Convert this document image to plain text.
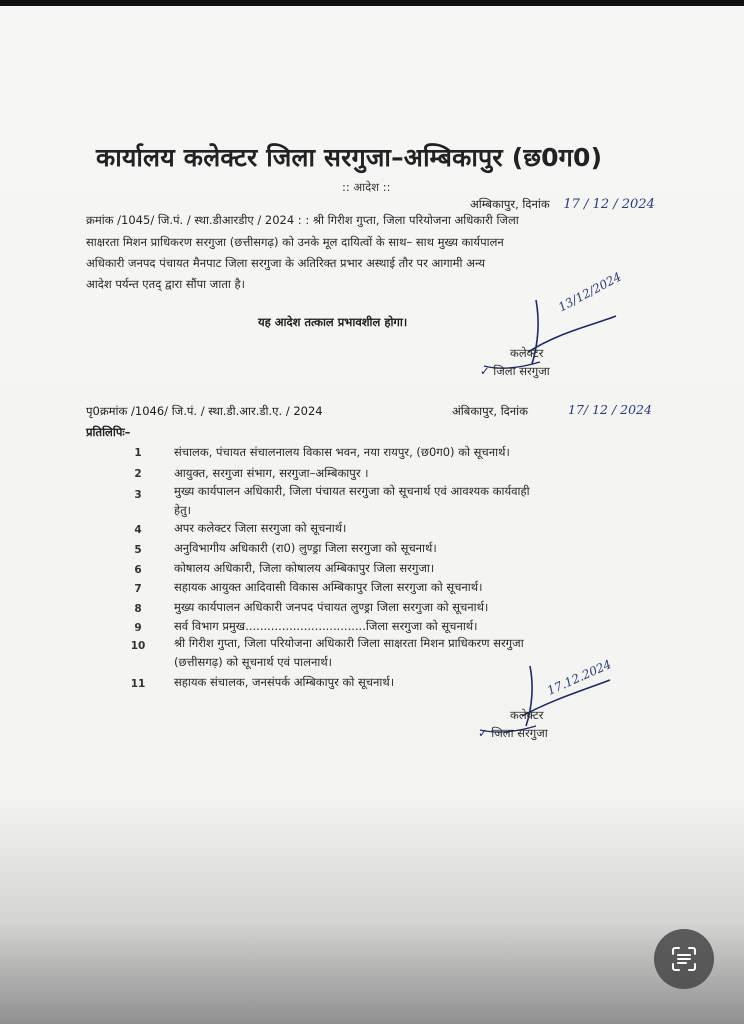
कार्यालय कलेक्टर जिला सरगुजा–अम्बिकापुर (छ0ग0)
:: आदेश ::
अम्बिकापुर, दिनांक 17 / 12 / 2024
क्रमांक /1045/ जि.पं. / स्था.डीआरडीए / 2024 : : श्री गिरीश गुप्ता, जिला परियोजना अधिकारी जिला
साक्षरता मिशन प्राधिकरण सरगुजा (छत्तीसगढ़) को उनके मूल दायित्वों के साथ– साथ मुख्य कार्यपालन
अधिकारी जनपद पंचायत मैनपाट जिला सरगुजा के अतिरिक्त प्रभार अस्थाई तौर पर आगामी अन्य
आदेश पर्यन्त एतद् द्वारा सौंपा जाता है।
यह आदेश तत्काल प्रभावशील होगा।
13/12/2024
कलेक्टर
✓ जिला सरगुजा
पृ0क्रमांक /1046/ जि.पं. / स्था.डी.आर.डी.ए. / 2024	अंबिकापुर, दिनांक	17/ 12 / 2024
प्रतिलिपिः–
1	संचालक, पंचायत संचालनालय विकास भवन, नया रायपुर, (छ0ग0) को सूचनार्थ।
2	आयुक्त, सरगुजा संभाग, सरगुजा–अम्बिकापुर ।
3	मुख्य कार्यपालन अधिकारी, जिला पंचायत सरगुजा को सूचनार्थ एवं आवश्यक कार्यवाही
हेतु।
4	अपर कलेक्टर जिला सरगुजा को सूचनार्थ।
5	अनुविभागीय अधिकारी (रा0) लुण्ड्रा जिला सरगुजा को सूचनार्थ।
6	कोषालय अधिकारी, जिला कोषालय अम्बिकापुर जिला सरगुजा।
7	सहायक आयुक्त आदिवासी विकास अम्बिकापुर जिला सरगुजा को सूचनार्थ।
8	मुख्य कार्यपालन अधिकारी जनपद पंचायत लुण्ड्रा जिला सरगुजा को सूचनार्थ।
9	सर्व विभाग प्रमुख.................................जिला सरगुजा को सूचनार्थ।
10	श्री गिरीश गुप्ता, जिला परियोजना अधिकारी जिला साक्षरता मिशन प्राधिकरण सरगुजा
(छत्तीसगढ़) को सूचनार्थ एवं पालनार्थ।
11	सहायक संचालक, जनसंपर्क अम्बिकापुर को सूचनार्थ।	17.12.2024
कलेक्टर
✓ जिला सरगुजा
